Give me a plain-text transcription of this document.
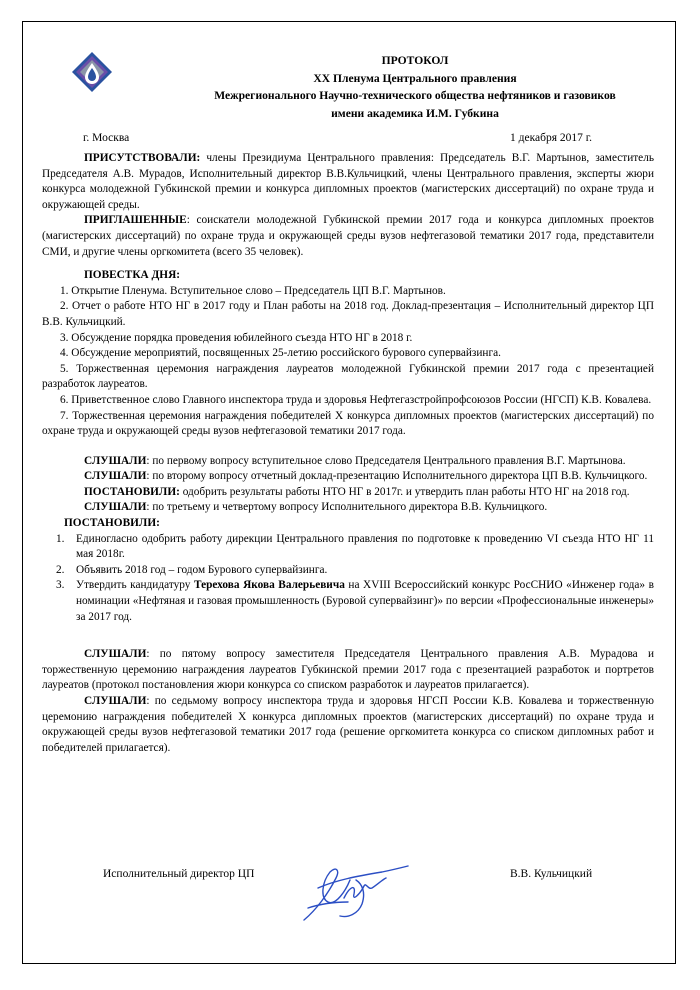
ПРОТОКОЛ
XX Пленума Центрального правления
Межрегионального Научно-технического общества нефтяников и газовиков
имени академика И.М. Губкина
г. Москва	1 декабря 2017 г.

ПРИСУТСТВОВАЛИ: члены Президиума Центрального правления: Председатель В.Г. Мартынов, заместитель Председателя А.В. Мурадов, Исполнительный директор В.В.Кульчицкий, члены Центрального правления, эксперты жюри конкурса молодежной Губкинской премии и конкурса дипломных проектов (магистерских диссертаций) по охране труда и окружающей среды.

ПРИГЛАШЕННЫЕ: соискатели молодежной Губкинской премии 2017 года и конкурса дипломных проектов (магистерских диссертаций) по охране труда и окружающей среды вузов нефтегазовой тематики 2017 года, представители СМИ, и другие члены оргкомитета (всего 35 человек).

ПОВЕСТКА ДНЯ:

1. Открытие Пленума. Вступительное слово – Председатель ЦП В.Г. Мартынов.

2. Отчет о работе НТО НГ в 2017 году и План работы на 2018 год. Доклад-презентация – Исполнительный директор ЦП В.В. Кульчицкий.

3. Обсуждение порядка проведения юбилейного съезда НТО НГ в 2018 г.

4. Обсуждение мероприятий, посвященных 25-летию российского бурового супервайзинга.

5. Торжественная церемония награждения лауреатов молодежной Губкинской премии 2017 года с презентацией разработок лауреатов.

6. Приветственное слово Главного инспектора труда и здоровья Нефтегазстройпрофсоюзов России (НГСП) К.В. Ковалева.

7. Торжественная церемония награждения победителей X конкурса дипломных проектов (магистерских диссертаций) по охране труда и окружающей среды вузов нефтегазовой тематики 2017 года.

СЛУШАЛИ: по первому вопросу вступительное слово Председателя Центрального правления В.Г. Мартынова.

СЛУШАЛИ: по второму вопросу отчетный доклад-презентацию Исполнительного директора ЦП В.В. Кульчицкого.

ПОСТАНОВИЛИ: одобрить результаты работы НТО НГ в 2017г. и утвердить план работы НТО НГ на 2018 год.

СЛУШАЛИ: по третьему и четвертому вопросу Исполнительного директора В.В. Кульчицкого.

ПОСТАНОВИЛИ:
1.	Единогласно одобрить работу дирекции Центрального правления по подготовке к проведению VI съезда НТО НГ 11 мая 2018г.
2.	Объявить 2018 год – годом Бурового супервайзинга.
3.	Утвердить кандидатуру Терехова Якова Валерьевича на XVIII Всероссийский конкурс РосСНИО «Инженер года» в номинации «Нефтяная и газовая промышленность (Буровой супервайзинг)» по версии «Профессиональные инженеры» за 2017 год.

СЛУШАЛИ: по пятому вопросу заместителя Председателя Центрального правления А.В. Мурадова и торжественную церемонию награждения лауреатов Губкинской премии 2017 года с презентацией разработок и портретов лауреатов (протокол постановления жюри конкурса со списком разработок и лауреатов прилагается).

СЛУШАЛИ: по седьмому вопросу инспектора труда и здоровья НГСП России К.В. Ковалева и торжественную церемонию награждения победителей X конкурса дипломных проектов (магистерских диссертаций) по охране труда и окружающей среды вузов нефтегазовой тематики 2017 года (решение оргкомитета конкурса со списком дипломных работ и победителей прилагается).

Исполнительный директор ЦП	В.В. Кульчицкий
